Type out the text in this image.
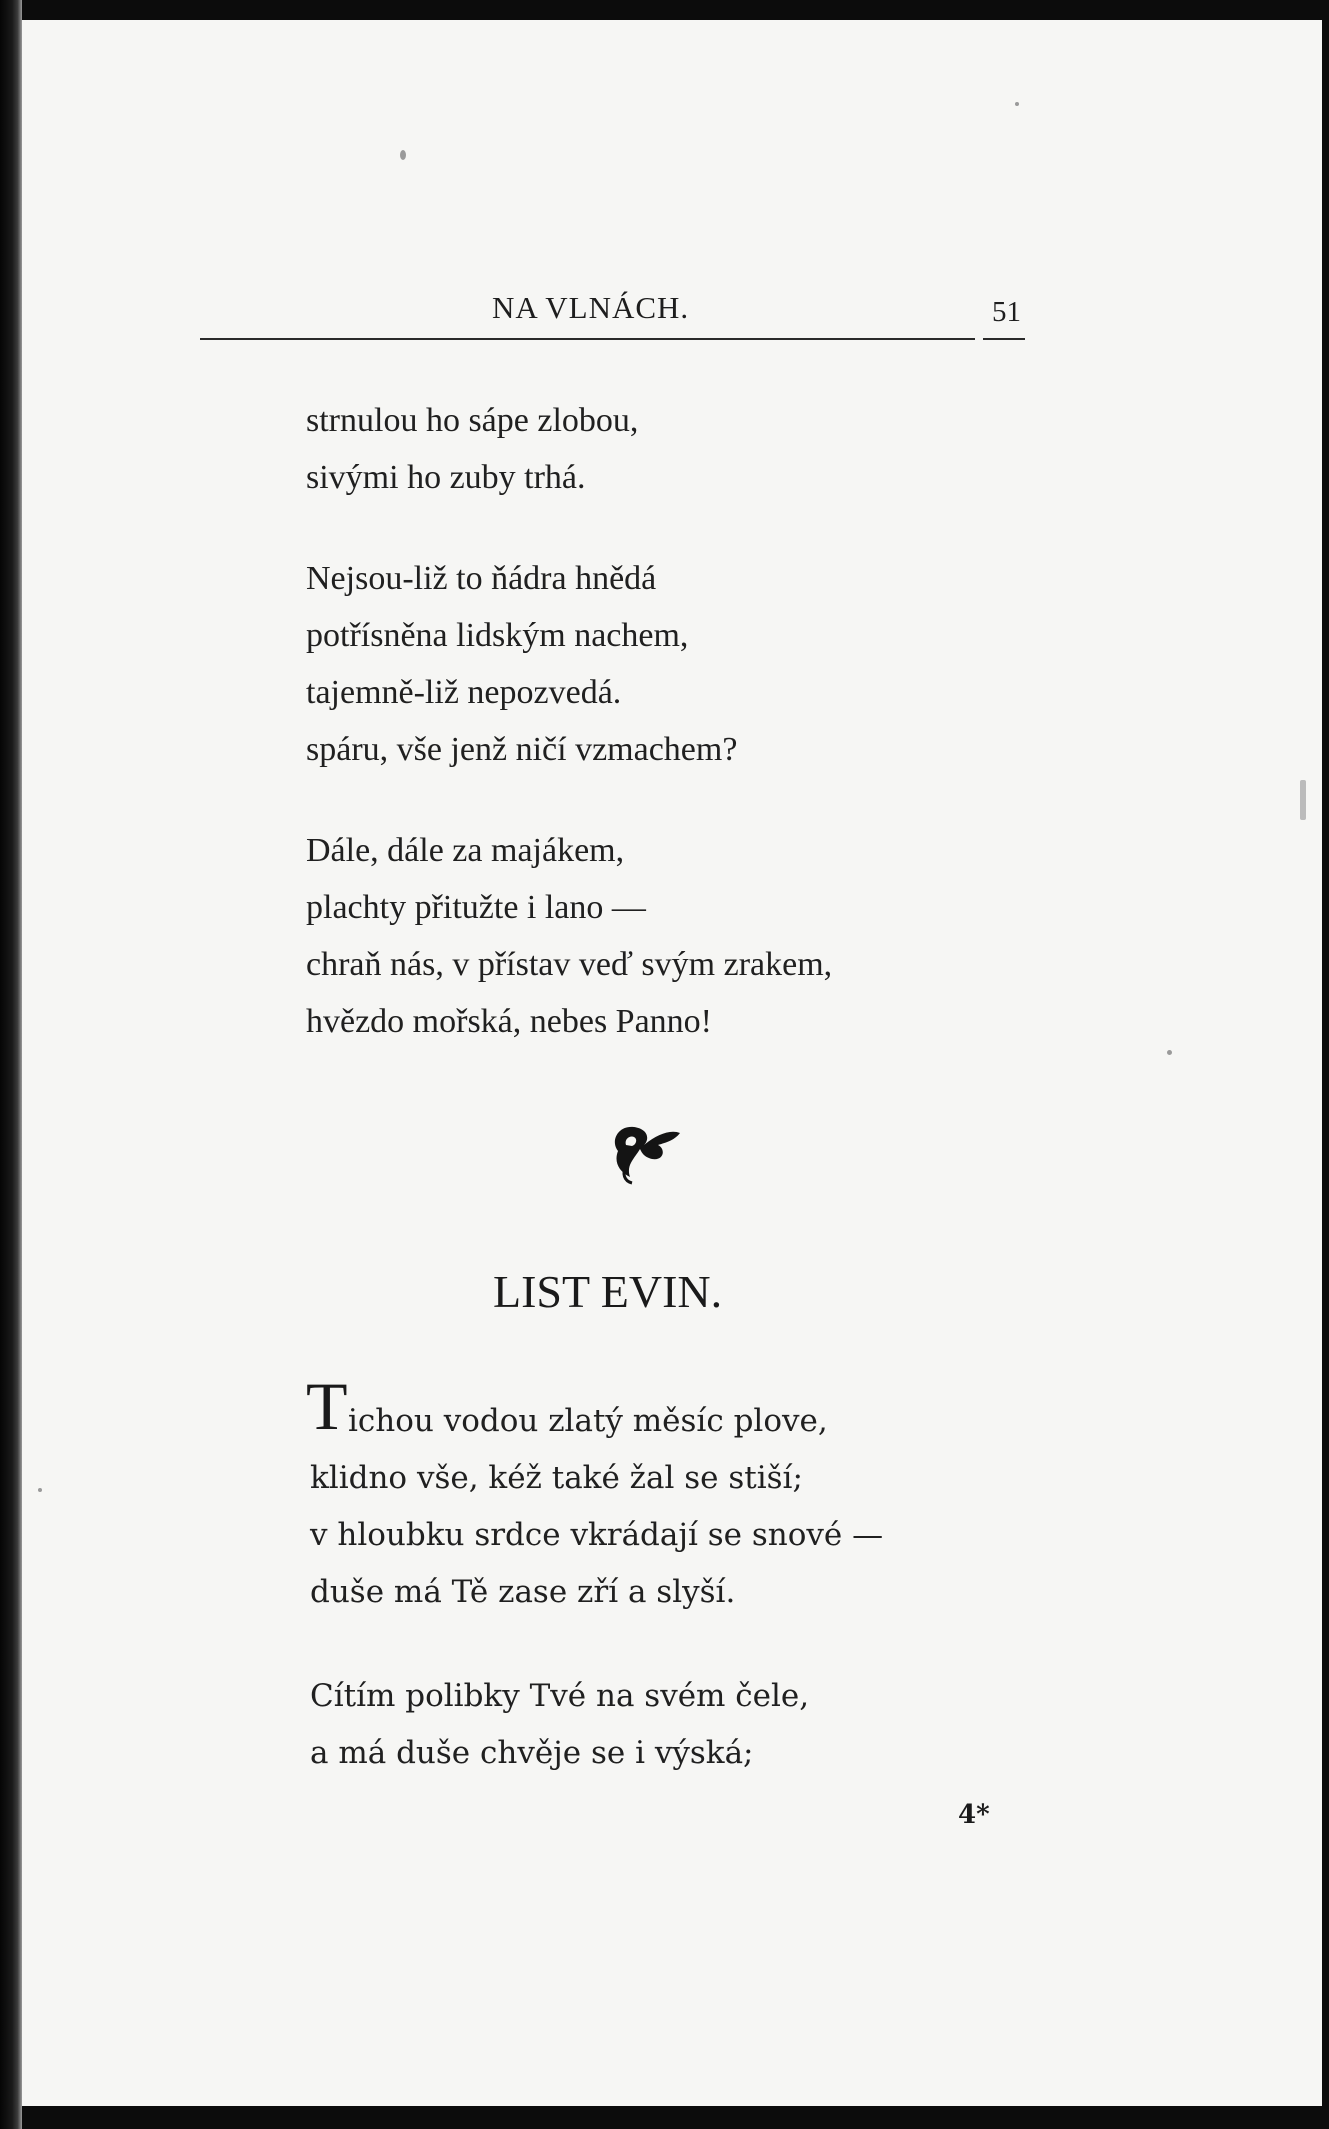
NA VLNÁCH.	51
strnulou ho sápe zlobou,
sivými ho zuby trhá.
Nejsou-liž to ňádra hnědá
potřísněna lidským nachem,
tajemně-liž nepozvedá.
spáru, vše jenž ničí vzmachem?
Dále, dále za majákem,
plachty přitužte i lano —
chraň nás, v přístav veď svým zrakem,
hvězdo mořská, nebes Panno!
LIST EVIN.
T ichou vodou zlatý měsíc plove,
klidno vše, kéž také žal se stiší;
v hloubku srdce vkrádají se snové —
duše má Tě zase zří a slyší.
Cítím polibky Tvé na svém čele,
a má duše chvěje se i výská;
4*
